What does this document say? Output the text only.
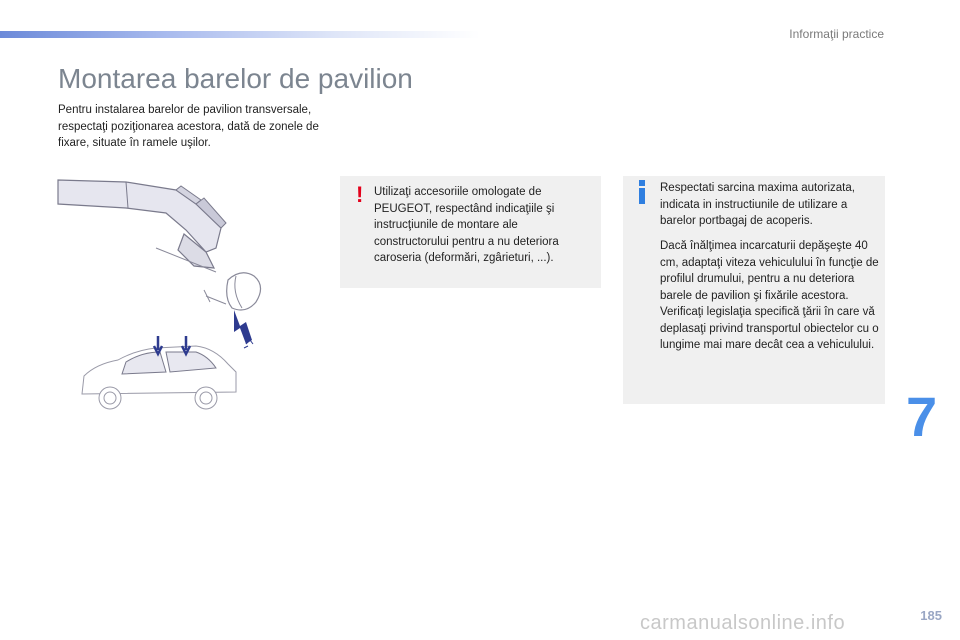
Informaţii practice
Montarea barelor de pavilion

Pentru instalarea barelor de pavilion transversale, respectaţi poziţionarea acestora, dată de zonele de fixare, situate în ramele uşilor.

! Utilizaţi accesoriile omologate de PEUGEOT, respectând indicaţiile şi instrucţiunile de montare ale constructorului pentru a nu deteriora caroseria (deformări, zgârieturi, ...).

Respectati sarcina maxima autorizata, indicata in instructiunile de utilizare a barelor portbagaj de acoperis.

Dacă înălţimea incarcaturii depăşeşte 40 cm, adaptaţi viteza vehiculului în funcţie de profilul drumului, pentru a nu deteriora barele de pavilion şi fixările acestora. Verificaţi legislaţia specifică ţării în care vă deplasaţi privind transportul obiectelor cu o lungime mai mare decât cea a vehiculului.

7
carmanualsonline.info	185
